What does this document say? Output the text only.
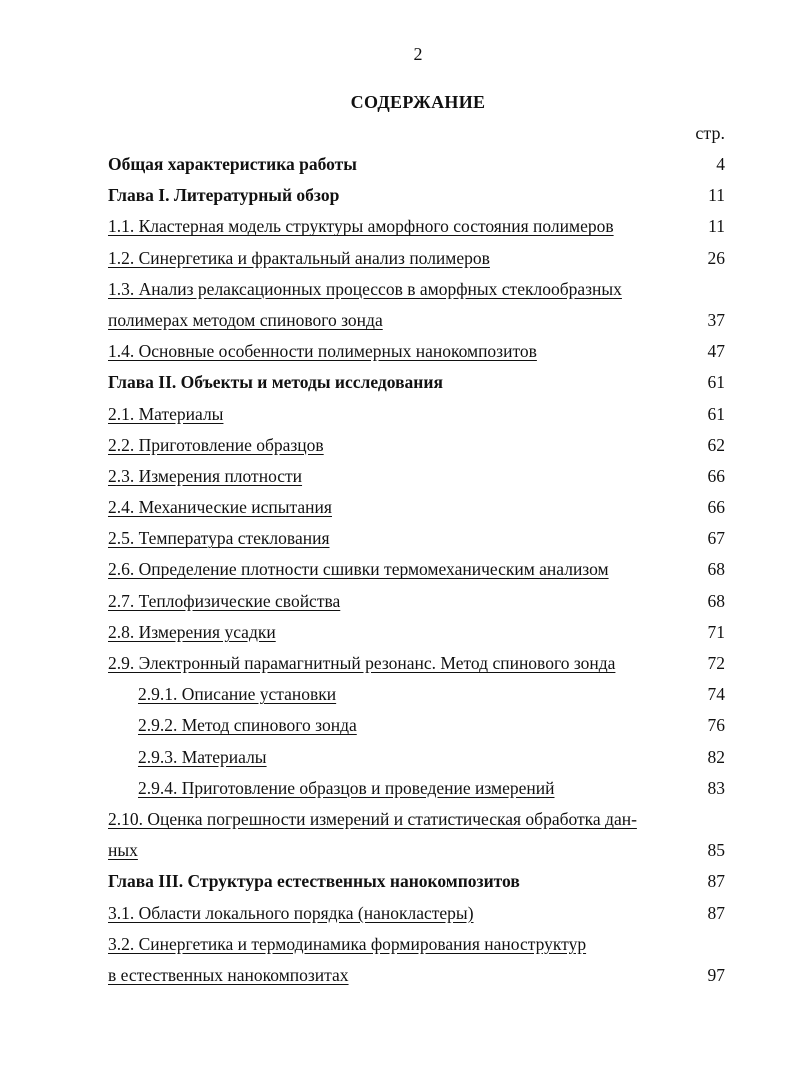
2
СОДЕРЖАНИЕ
стр.
Общая характеристика работы	4
Глава I. Литературный обзор	11
1.1. Кластерная модель структуры аморфного состояния полимеров	11
1.2. Синергетика и фрактальный анализ полимеров	26
1.3. Анализ релаксационных процессов в аморфных стеклообразных
полимерах методом спинового зонда	37
1.4. Основные особенности полимерных нанокомпозитов	47
Глава II. Объекты и методы исследования	61
2.1. Материалы	61
2.2. Приготовление образцов	62
2.3. Измерения плотности	66
2.4. Механические испытания	66
2.5. Температура стеклования	67
2.6. Определение плотности сшивки термомеханическим анализом	68
2.7. Теплофизические свойства	68
2.8. Измерения усадки	71
2.9. Электронный парамагнитный резонанс. Метод спинового зонда	72
2.9.1. Описание установки	74
2.9.2. Метод спинового зонда	76
2.9.3. Материалы	82
2.9.4. Приготовление образцов и проведение измерений	83
2.10. Оценка погрешности измерений и статистическая обработка дан-
ных	85
Глава III. Структура естественных нанокомпозитов	87
3.1. Области локального порядка (нанокластеры)	87
3.2. Синергетика и термодинамика формирования наноструктур
в естественных нанокомпозитах	97
